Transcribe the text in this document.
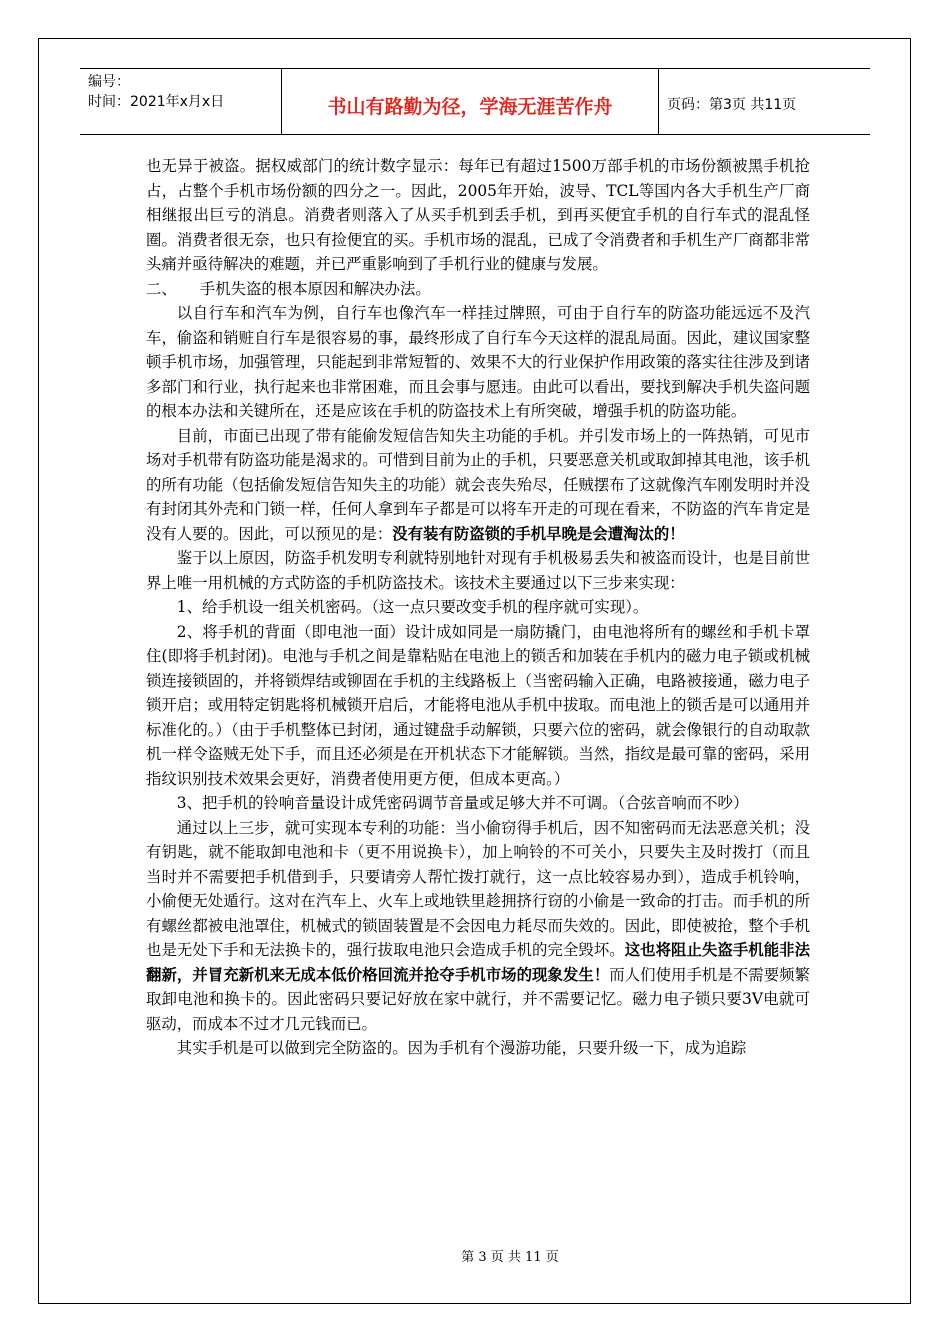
编号：
时间：2021年x月x日	书山有路勤为径，学海无涯苦作舟	页码：第3页 共11页

也无异于被盗。据权威部门的统计数字显示：每年已有超过1500万部手机的市场份额被黑手机抢占，占整个手机市场份额的四分之一。因此，2005年开始，波导、TCL等国内各大手机生产厂商相继报出巨亏的消息。消费者则落入了从买手机到丢手机，到再买便宜手机的自行车式的混乱怪圈。消费者很无奈，也只有捡便宜的买。手机市场的混乱，已成了令消费者和手机生产厂商都非常头痛并亟待解决的难题，并已严重影响到了手机行业的健康与发展。

二、　　手机失盗的根本原因和解决办法。

以自行车和汽车为例，自行车也像汽车一样挂过牌照，可由于自行车的防盗功能远远不及汽车，偷盗和销赃自行车是很容易的事，最终形成了自行车今天这样的混乱局面。因此，建议国家整顿手机市场，加强管理，只能起到非常短暂的、效果不大的行业保护作用政策的落实往往涉及到诸多部门和行业，执行起来也非常困难，而且会事与愿违。由此可以看出，要找到解决手机失盗问题的根本办法和关键所在，还是应该在手机的防盗技术上有所突破，增强手机的防盗功能。

目前，市面已出现了带有能偷发短信告知失主功能的手机。并引发市场上的一阵热销，可见市场对手机带有防盗功能是渴求的。可惜到目前为止的手机，只要恶意关机或取卸掉其电池，该手机的所有功能（包括偷发短信告知失主的功能）就会丧失殆尽，任贼摆布了这就像汽车刚发明时并没有封闭其外壳和门锁一样，任何人拿到车子都是可以将车开走的可现在看来，不防盗的汽车肯定是没有人要的。因此，可以预见的是：没有装有防盗锁的手机早晚是会遭淘汰的！

鉴于以上原因，防盗手机发明专利就特别地针对现有手机极易丢失和被盗而设计，也是目前世界上唯一用机械的方式防盗的手机防盗技术。该技术主要通过以下三步来实现：

1、给手机设一组关机密码。（这一点只要改变手机的程序就可实现）。

2、将手机的背面（即电池一面）设计成如同是一扇防撬门，由电池将所有的螺丝和手机卡罩住(即将手机封闭)。电池与手机之间是靠粘贴在电池上的锁舌和加装在手机内的磁力电子锁或机械锁连接锁固的，并将锁焊结或铆固在手机的主线路板上（当密码输入正确，电路被接通，磁力电子锁开启；或用特定钥匙将机械锁开启后，才能将电池从手机中拔取。而电池上的锁舌是可以通用并标准化的。）（由于手机整体已封闭，通过键盘手动解锁，只要六位的密码，就会像银行的自动取款机一样令盗贼无处下手，而且还必须是在开机状态下才能解锁。当然，指纹是最可靠的密码，采用指纹识别技术效果会更好，消费者使用更方便，但成本更高。）

3、把手机的铃响音量设计成凭密码调节音量或足够大并不可调。（合弦音响而不吵）

通过以上三步，就可实现本专利的功能：当小偷窃得手机后，因不知密码而无法恶意关机；没有钥匙，就不能取卸电池和卡（更不用说换卡），加上响铃的不可关小，只要失主及时拨打（而且当时并不需要把手机借到手，只要请旁人帮忙拨打就行，这一点比较容易办到），造成手机铃响，小偷便无处遁行。这对在汽车上、火车上或地铁里趁拥挤行窃的小偷是一致命的打击。而手机的所有螺丝都被电池罩住，机械式的锁固装置是不会因电力耗尽而失效的。因此，即使被抢，整个手机也是无处下手和无法换卡的，强行拔取电池只会造成手机的完全毁坏。这也将阻止失盗手机能非法翻新，并冒充新机来无成本低价格回流并抢夺手机市场的现象发生！而人们使用手机是不需要频繁取卸电池和换卡的。因此密码只要记好放在家中就行，并不需要记忆。磁力电子锁只要3V电就可驱动，而成本不过才几元钱而已。

其实手机是可以做到完全防盗的。因为手机有个漫游功能，只要升级一下，成为追踪

第 3 页 共 11 页
